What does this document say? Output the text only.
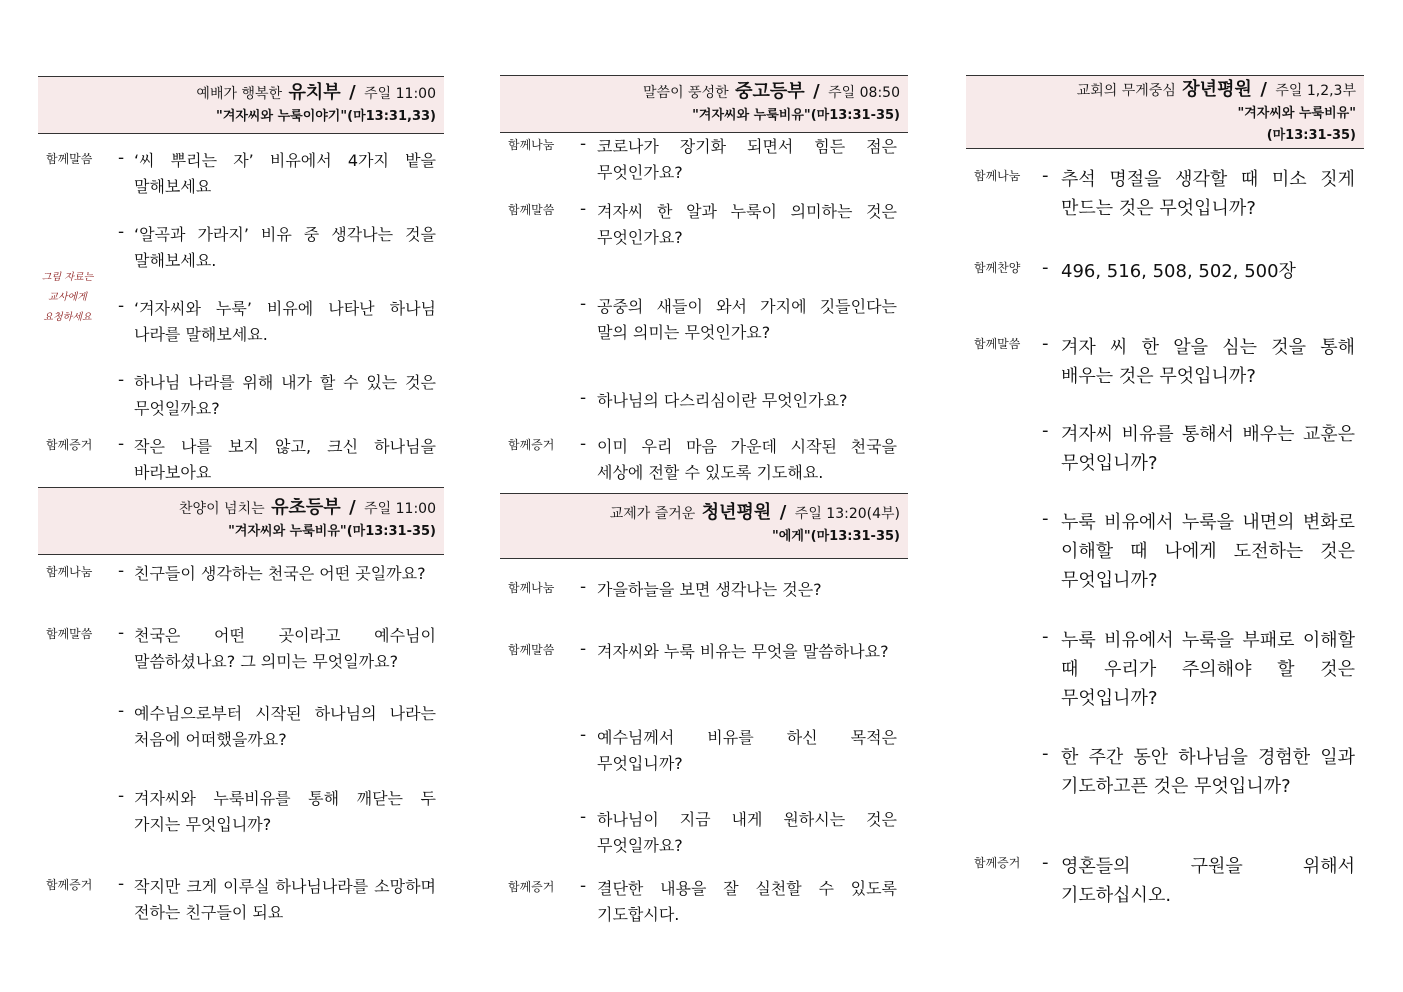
예배가 행복한 유치부 / 주일 11:00
"겨자씨와 누룩이야기"(마13:31,33)
그림 자료는
교사에게
요청하세요
함께말씀 - ‘씨 뿌리는 자’ 비유에서 4가지 밭을 말해보세요
- ‘알곡과 가라지’ 비유 중 생각나는 것을 말해보세요.
- ‘겨자씨와 누룩’ 비유에 나타난 하나님 나라를 말해보세요.
- 하나님 나라를 위해 내가 할 수 있는 것은 무엇일까요?
함께증거 - 작은 나를 보지 않고, 크신 하나님을 바라보아요
찬양이 넘치는 유초등부 / 주일 11:00
"겨자씨와 누룩비유"(마13:31-35)
함께나눔 - 친구들이 생각하는 천국은 어떤 곳일까요?
함께말씀 - 천국은 어떤 곳이라고 예수님이 말씀하셨나요? 그 의미는 무엇일까요?
- 예수님으로부터 시작된 하나님의 나라는 처음에 어떠했을까요?
- 겨자씨와 누룩비유를 통해 깨닫는 두 가지는 무엇입니까?
함께증거 - 작지만 크게 이루실 하나님나라를 소망하며 전하는 친구들이 되요
말씀이 풍성한 중고등부 / 주일 08:50
"겨자씨와 누룩비유"(마13:31-35)
함께나눔 - 코로나가 장기화 되면서 힘든 점은 무엇인가요?
함께말씀 - 겨자씨 한 알과 누룩이 의미하는 것은 무엇인가요?
- 공중의 새들이 와서 가지에 깃들인다는 말의 의미는 무엇인가요?
- 하나님의 다스리심이란 무엇인가요?
함께증거 - 이미 우리 마음 가운데 시작된 천국을 세상에 전할 수 있도록 기도해요.
교제가 즐거운 청년평원 / 주일 13:20(4부)
"에게"(마13:31-35)
함께나눔 - 가을하늘을 보면 생각나는 것은?
함께말씀 - 겨자씨와 누룩 비유는 무엇을 말씀하나요?
- 예수님께서 비유를 하신 목적은 무엇입니까?
- 하나님이 지금 내게 원하시는 것은 무엇일까요?
함께증거 - 결단한 내용을 잘 실천할 수 있도록 기도합시다.
교회의 무게중심 장년평원 / 주일 1,2,3부
"겨자씨와 누룩비유"
(마13:31-35)
함께나눔 - 추석 명절을 생각할 때 미소 짓게 만드는 것은 무엇입니까?
함께찬양 - 496, 516, 508, 502, 500장
함께말씀 - 겨자 씨 한 알을 심는 것을 통해 배우는 것은 무엇입니까?
- 겨자씨 비유를 통해서 배우는 교훈은 무엇입니까?
- 누룩 비유에서 누룩을 내면의 변화로 이해할 때 나에게 도전하는 것은 무엇입니까?
- 누룩 비유에서 누룩을 부패로 이해할 때 우리가 주의해야 할 것은 무엇입니까?
- 한 주간 동안 하나님을 경험한 일과 기도하고픈 것은 무엇입니까?
함께증거 - 영혼들의 구원을 위해서 기도하십시오.
